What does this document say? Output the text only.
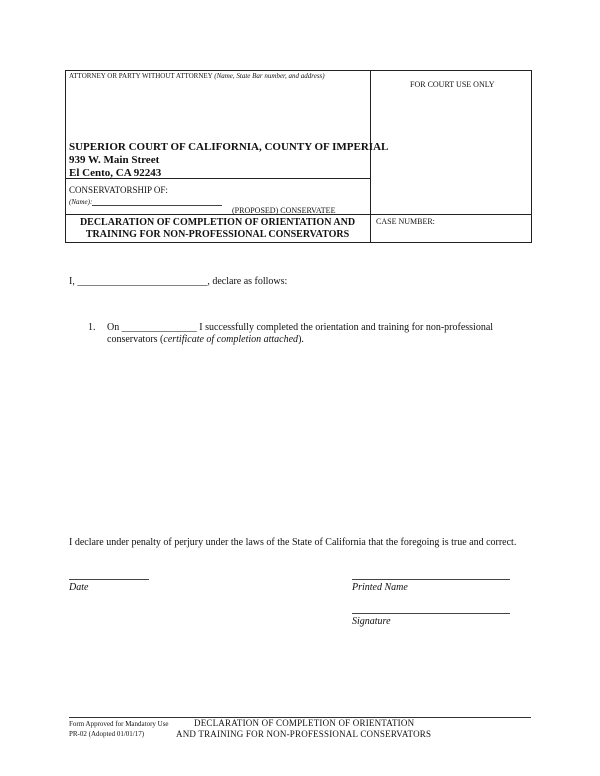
ATTORNEY OR PARTY WITHOUT ATTORNEY (Name, State Bar number, and address)
FOR COURT USE ONLY
SUPERIOR COURT OF CALIFORNIA, COUNTY OF IMPERIAL
939 W. Main Street
El Cento, CA 92243
CONSERVATORSHIP OF:
(Name):
(PROPOSED) CONSERVATEE
DECLARATION OF COMPLETION OF ORIENTATION AND
TRAINING FOR NON-PROFESSIONAL CONSERVATORS
CASE NUMBER:
I, __________________________, declare as follows:
1. On _______________ I successfully completed the orientation and training for non-professional
conservators (certificate of completion attached).
I declare under penalty of perjury under the laws of the State of California that the foregoing is true and correct.
Date	Printed Name
Signature
Form Approved for Mandatory Use
PR-02 (Adopted 01/01/17)
DECLARATION OF COMPLETION OF ORIENTATION
AND TRAINING FOR NON-PROFESSIONAL CONSERVATORS
